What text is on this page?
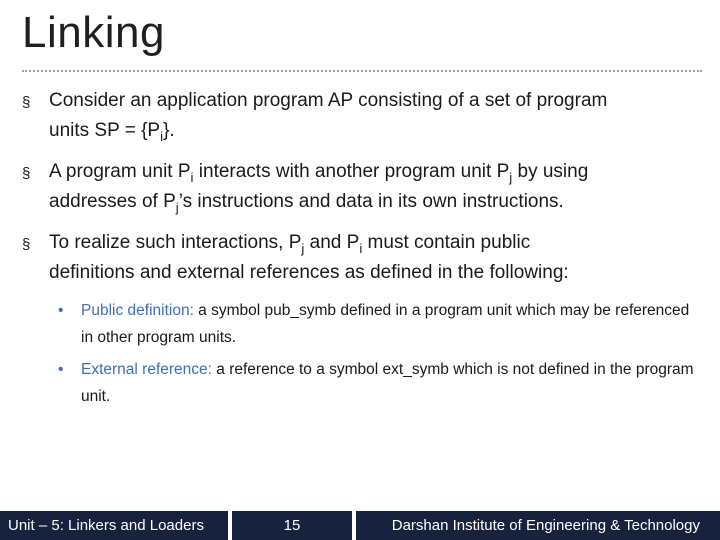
Linking
§ Consider an application program AP consisting of a set of program
units SP = $\{P_i\}$.
§ A program unit $P_i$ interacts with another program unit $P_j$ by using
addresses of $P_j’s$ instructions and data in its own instructions.
§ To realize such interactions, $P_j$ and $P_i$ must contain public
definitions and external references as defined in the following:
• Public definition: a symbol pub_symb defined in a program unit which may be referenced in other program units.
• External reference: a reference to a symbol ext_symb which is not defined in the program unit.
Unit – 5: Linkers and Loaders	15	Darshan Institute of Engineering & Technology
